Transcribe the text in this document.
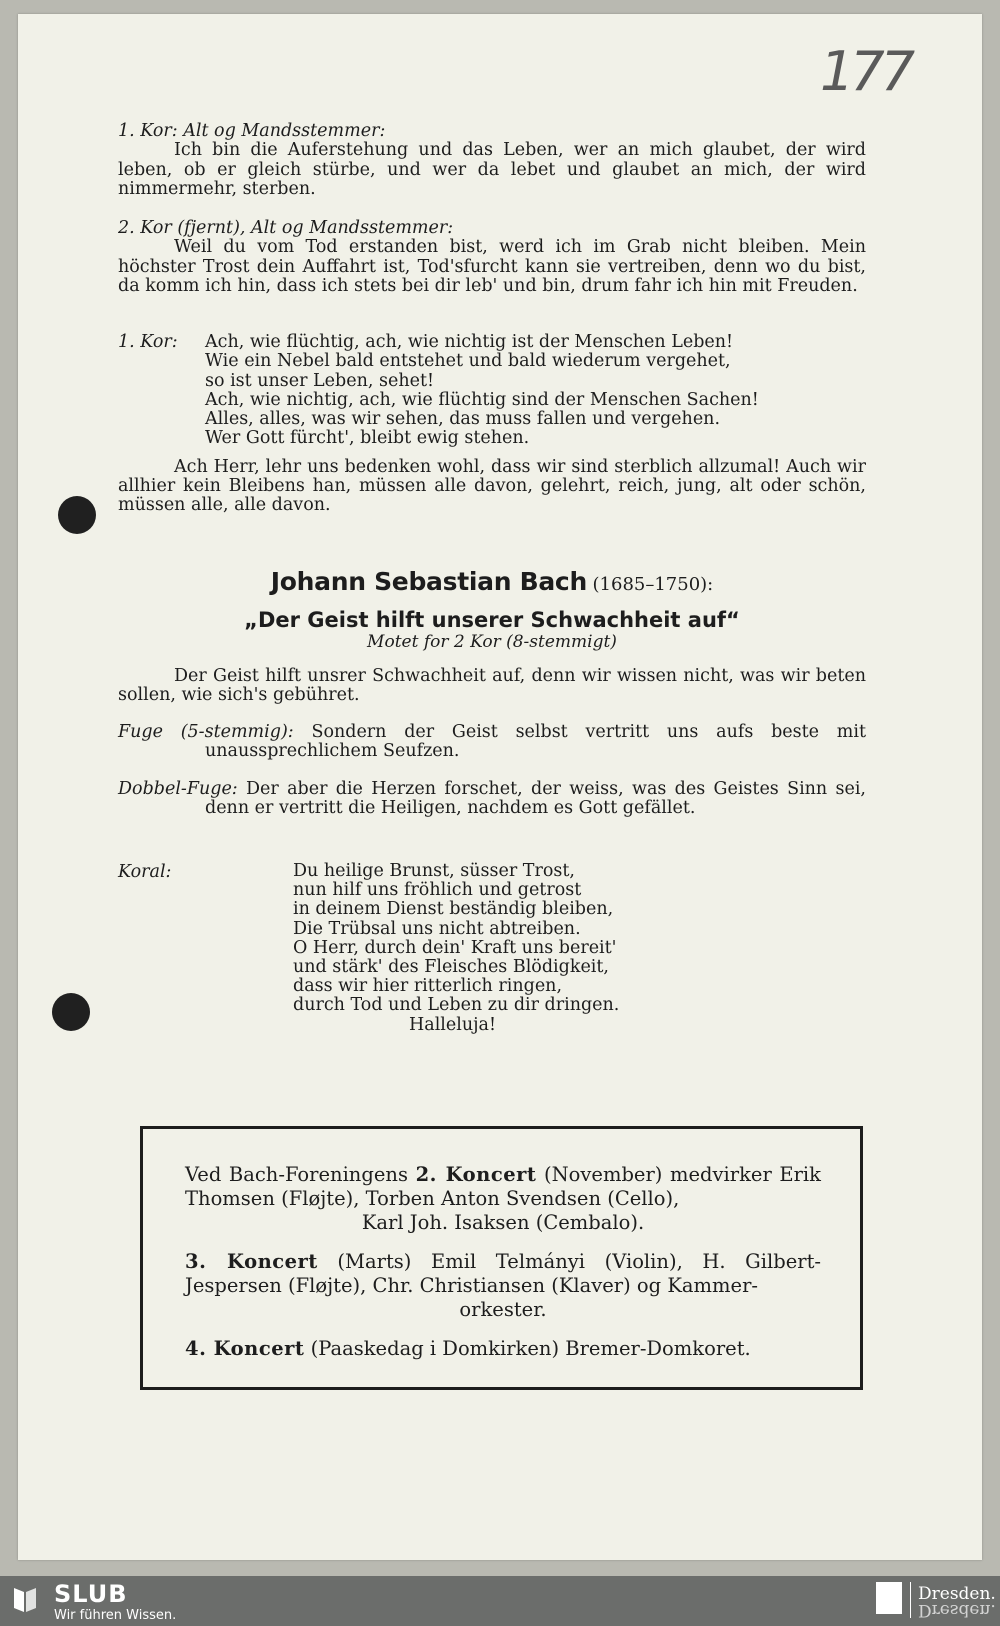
177

1. Kor: Alt og Mandsstemmer:

Ich bin die Auferstehung und das Leben, wer an mich glaubet, der wird leben, ob er gleich stürbe, und wer da lebet und glaubet an mich, der wird nimmermehr, sterben.

2. Kor (fjernt), Alt og Mandsstemmer:

Weil du vom Tod erstanden bist, werd ich im Grab nicht bleiben. Mein höchster Trost dein Auffahrt ist, Tod'sfurcht kann sie vertreiben, denn wo du bist, da komm ich hin, dass ich stets bei dir leb' und bin, drum fahr ich hin mit Freuden.

1. Kor:	Ach, wie flüchtig, ach, wie nichtig ist der Menschen Leben!
Wie ein Nebel bald entstehet und bald wiederum vergehet,
so ist unser Leben, sehet!
Ach, wie nichtig, ach, wie flüchtig sind der Menschen Sachen!
Alles, alles, was wir sehen, das muss fallen und vergehen.
Wer Gott fürcht', bleibt ewig stehen.

Ach Herr, lehr uns bedenken wohl, dass wir sind sterblich allzumal! Auch wir allhier kein Bleibens han, müssen alle davon, gelehrt, reich, jung, alt oder schön, müssen alle, alle davon.

Johann Sebastian Bach (1685–1750):
„Der Geist hilft unserer Schwachheit auf“
Motet for 2 Kor (8-stemmigt)

Der Geist hilft unsrer Schwachheit auf, denn wir wissen nicht, was wir beten sollen, wie sich's gebühret.

Fuge (5-stemmig): Sondern der Geist selbst vertritt uns aufs beste mit unaussprechlichem Seufzen.

Dobbel-Fuge: Der aber die Herzen forschet, der weiss, was des Geistes Sinn sei, denn er vertritt die Heiligen, nachdem es Gott gefället.

Koral:	Du heilige Brunst, süsser Trost,
nun hilf uns fröhlich und getrost
in deinem Dienst beständig bleiben,
Die Trübsal uns nicht abtreiben.
O Herr, durch dein' Kraft uns bereit'
und stärk' des Fleisches Blödigkeit,
dass wir hier ritterlich ringen,
durch Tod und Leben zu dir dringen.
Halleluja!

Ved Bach-Foreningens 2. Koncert (November) medvirker Erik Thomsen (Fløjte), Torben Anton Svendsen (Cello),
Karl Joh. Isaksen (Cembalo).

3. Koncert (Marts) Emil Telmányi (Violin), H. Gilbert-Jespersen (Fløjte), Chr. Christiansen (Klaver) og Kammer-
orkester.

4. Koncert (Paaskedag i Domkirken) Bremer-Domkoret.

SLUB
Wir führen Wissen.
Dresden.
Dresden.
